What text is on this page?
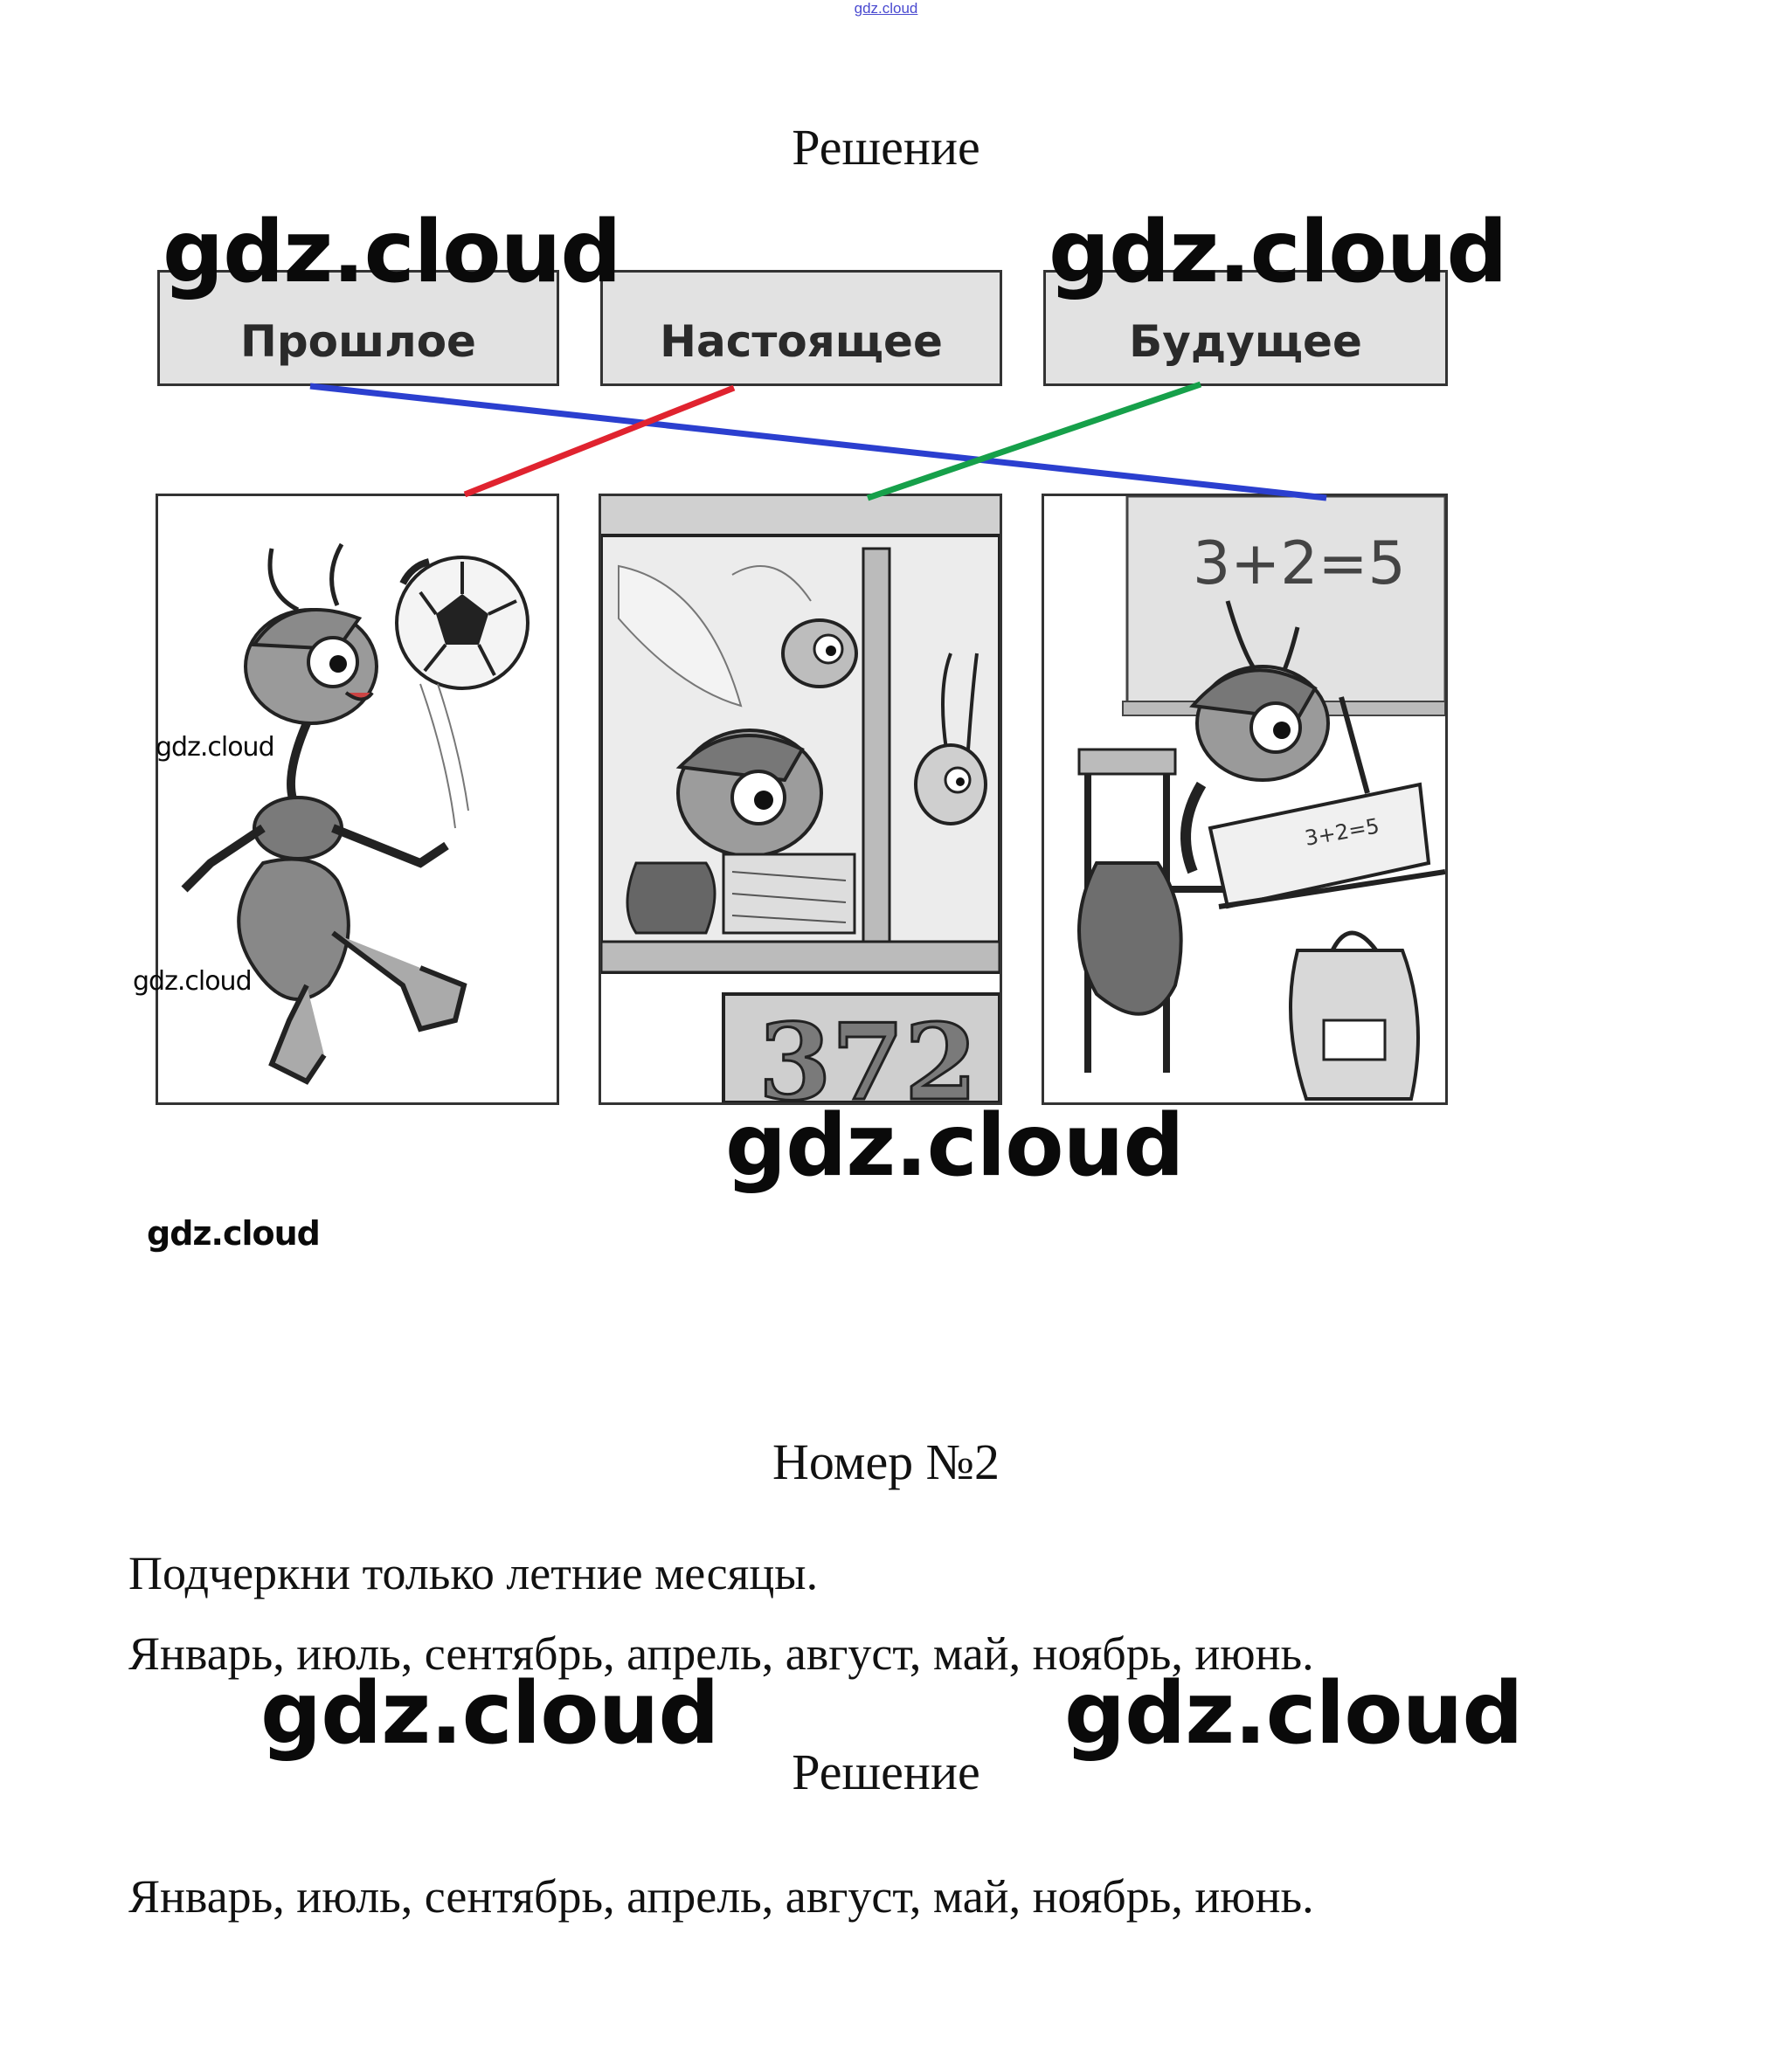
gdz.cloud
Решение
Прошлое	Настоящее	Будущее
372
3+2=5
3+2=5
gdz.cloud	gdz.cloud
gdz.cloud
gdz.cloud
gdz.cloud
gdz.cloud
Номер №2
Подчеркни только летние месяцы.
Январь, июль, сентябрь, апрель, август, май, ноябрь, июнь.
gdz.cloud	gdz.cloud
Решение
Январь, июль, сентябрь, апрель, август, май, ноябрь, июнь.
